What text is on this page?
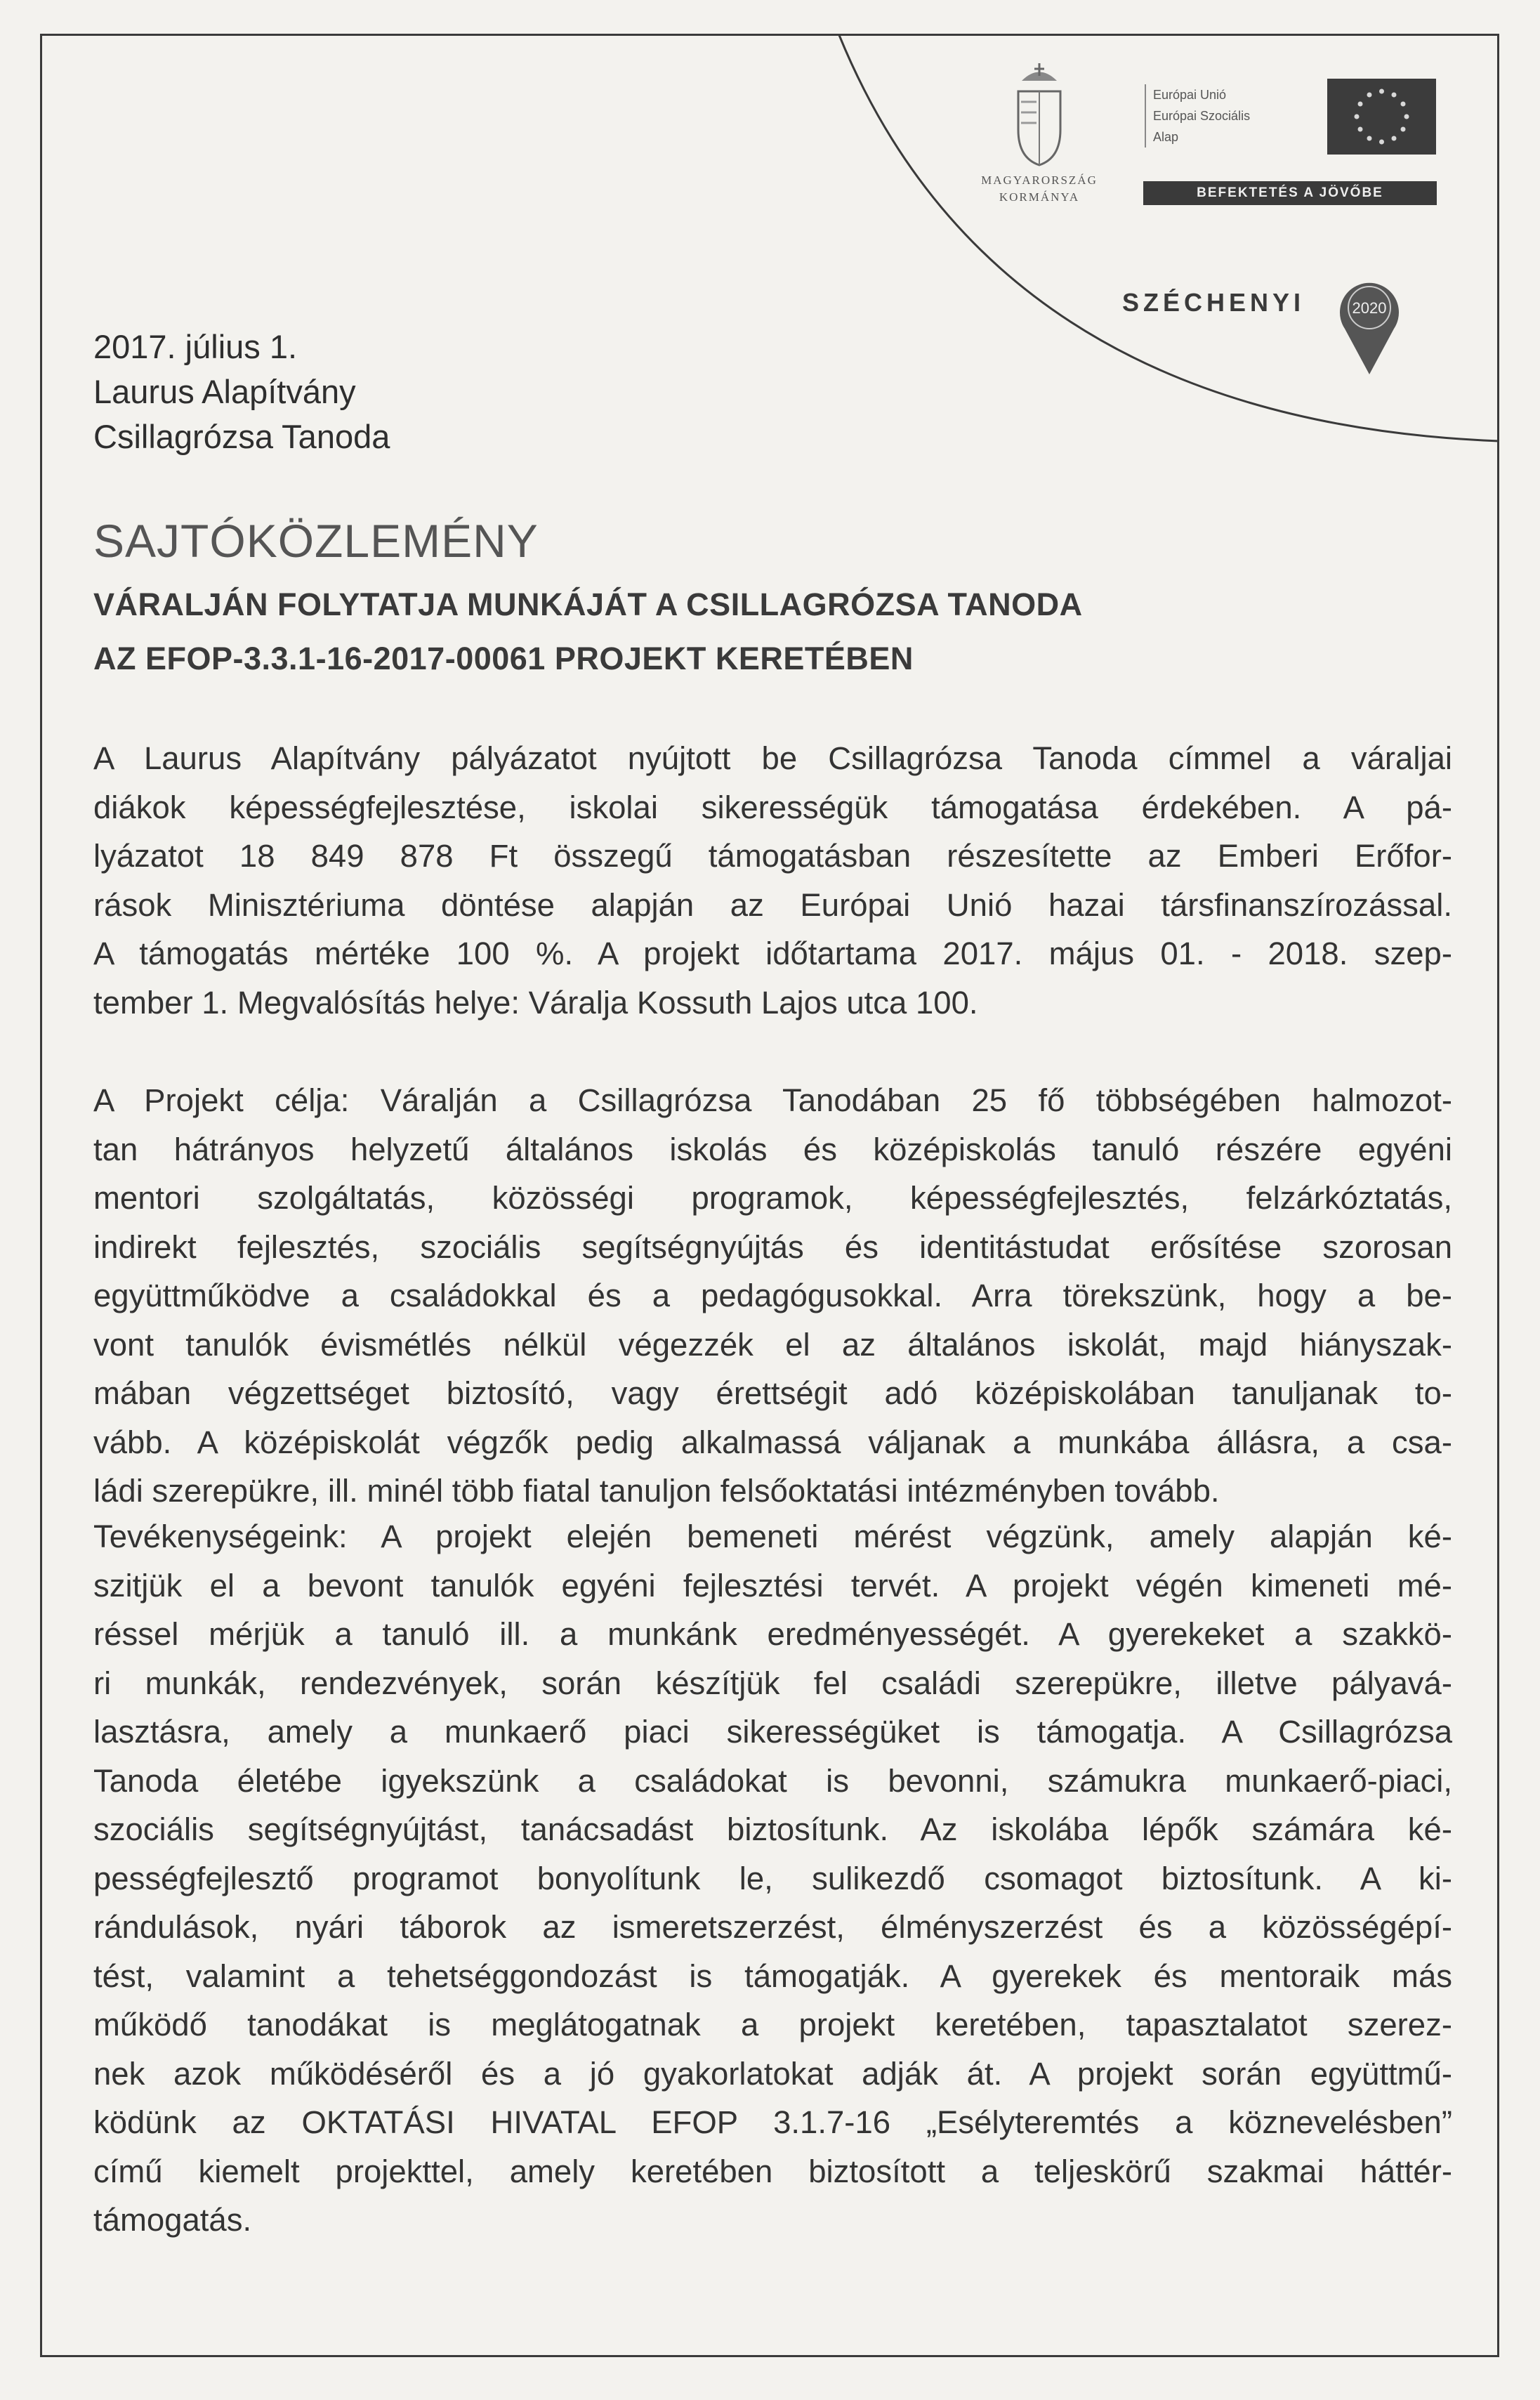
MAGYARORSZÁG
KORMÁNYA
Európai Unió
Európai Szociális
Alap
BEFEKTETÉS A JÖVŐBE
SZÉCHENYI	2020
2017. július 1.
Laurus Alapítvány
Csillagrózsa Tanoda
SAJTÓKÖZLEMÉNY
VÁRALJÁN FOLYTATJA MUNKÁJÁT A CSILLAGRÓZSA TANODA
AZ EFOP-3.3.1-16-2017-00061 PROJEKT KERETÉBEN
A Laurus Alapítvány pályázatot nyújtott be Csillagrózsa Tanoda címmel a váraljai
diákok képességfejlesztése, iskolai sikerességük támogatása érdekében. A pá-
lyázatot 18 849 878 Ft összegű támogatásban részesítette az Emberi Erőfor-
rások Minisztériuma döntése alapján az Európai Unió hazai társfinanszírozással.
A támogatás mértéke 100 %. A projekt időtartama 2017. május 01. - 2018. szep-
tember 1. Megvalósítás helye: Váralja Kossuth Lajos utca 100.
A Projekt célja: Váralján a Csillagrózsa Tanodában 25 fő többségében halmozot-
tan hátrányos helyzetű általános iskolás és középiskolás tanuló részére egyéni
mentori szolgáltatás, közösségi programok, képességfejlesztés, felzárkóztatás,
indirekt fejlesztés, szociális segítségnyújtás és identitástudat erősítése szorosan
együttműködve a családokkal és a pedagógusokkal. Arra törekszünk, hogy a be-
vont tanulók évismétlés nélkül végezzék el az általános iskolát, majd hiányszak-
mában végzettséget biztosító, vagy érettségit adó középiskolában tanuljanak to-
vább. A középiskolát végzők pedig alkalmassá váljanak a munkába állásra, a csa-
ládi szerepükre, ill. minél több fiatal tanuljon felsőoktatási intézményben tovább.
Tevékenységeink: A projekt elején bemeneti mérést végzünk, amely alapján ké-
szitjük el a bevont tanulók egyéni fejlesztési tervét. A projekt végén kimeneti mé-
réssel mérjük a tanuló ill. a munkánk eredményességét. A gyerekeket a szakkö-
ri munkák, rendezvények, során készítjük fel családi szerepükre, illetve pályavá-
lasztásra, amely a munkaerő piaci sikerességüket is támogatja. A Csillagrózsa
Tanoda életébe igyekszünk a családokat is bevonni, számukra munkaerő-piaci,
szociális segítségnyújtást, tanácsadást biztosítunk. Az iskolába lépők számára ké-
pességfejlesztő programot bonyolítunk le, sulikezdő csomagot biztosítunk. A ki-
rándulások, nyári táborok az ismeretszerzést, élményszerzést és a közösségépí-
tést, valamint a tehetséggondozást is támogatják. A gyerekek és mentoraik más
működő tanodákat is meglátogatnak a projekt keretében, tapasztalatot szerez-
nek azok működéséről és a jó gyakorlatokat adják át. A projekt során együttmű-
ködünk az OKTATÁSI HIVATAL EFOP 3.1.7-16 „Esélyteremtés a köznevelésben”
című kiemelt projekttel, amely keretében biztosított a teljeskörű szakmai háttér-
támogatás.
